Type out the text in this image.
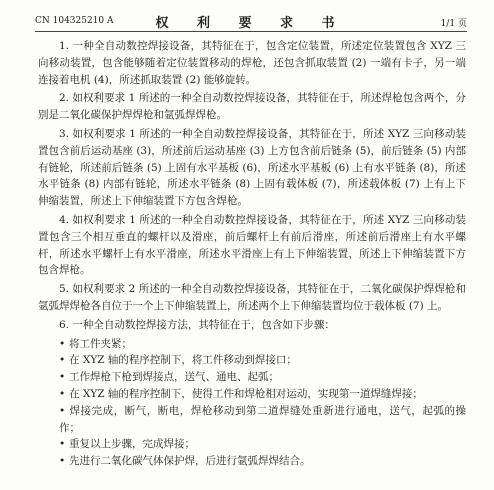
CN 104325210 A	权 利 要 求 书	1/1 页

1. 一种全自动数控焊接设备，其特征在于，包含定位装置，所述定位装置包含 XYZ 三向移动装置，包含能够随着定位装置移动的焊枪，还包含抓取装置 (2) 一端有卡子，另一端连接着电机 (4)，所述抓取装置 (2) 能够旋转。

2. 如权利要求 1 所述的一种全自动数控焊接设备，其特征在于，所述焊枪包含两个，分别是二氧化碳保护焊焊枪和氩弧焊焊枪。

3. 如权利要求 1 所述的一种全自动数控焊接设备，其特征在于，所述 XYZ 三向移动装置包含前后运动基座 (3)，所述前后运动基座 (3) 上方包含前后链条 (5)，前后链条 (5) 内部有链轮，所述前后链条 (5) 上固有水平基板 (6)，所述水平基板 (6) 上有水平链条 (8)，所述水平链条 (8) 内部有链轮，所述水平链条 (8) 上固有载体板 (7)，所述载体板 (7) 上有上下伸缩装置，所述上下伸缩装置下方包含焊枪。

4. 如权利要求 1 所述的一种全自动数控焊接设备，其特征在于，所述 XYZ 三向移动装置包含三个相互垂直的螺杆以及滑座，前后螺杆上有前后滑座，所述前后滑座上有水平螺杆，所述水平螺杆上有水平滑座，所述水平滑座上有上下伸缩装置，所述上下伸缩装置下方包含焊枪。

5. 如权利要求 2 所述的一种全自动数控焊接设备，其特征在于，二氧化碳保护焊焊枪和氩弧焊焊枪各自位于一个上下伸缩装置上，所述两个上下伸缩装置均位于载体板 (7) 上。

6. 一种全自动数控焊接方法，其特征在于，包含如下步骤：

• 将工件夹紧；
• 在 XYZ 轴的程序控制下，将工件移动到焊接口；
• 工作焊枪下枪到焊接点，送气、通电、起弧；
• 在 XYZ 轴的程序控制下，使得工件和焊枪相对运动，实现第一道焊缝焊接；
• 焊接完成，断气，断电，焊枪移动到第二道焊缝处重新进行通电，送气，起弧的操作；
• 重复以上步骤，完成焊接；
• 先进行二氧化碳气体保护焊，后进行氩弧焊焊结合。
